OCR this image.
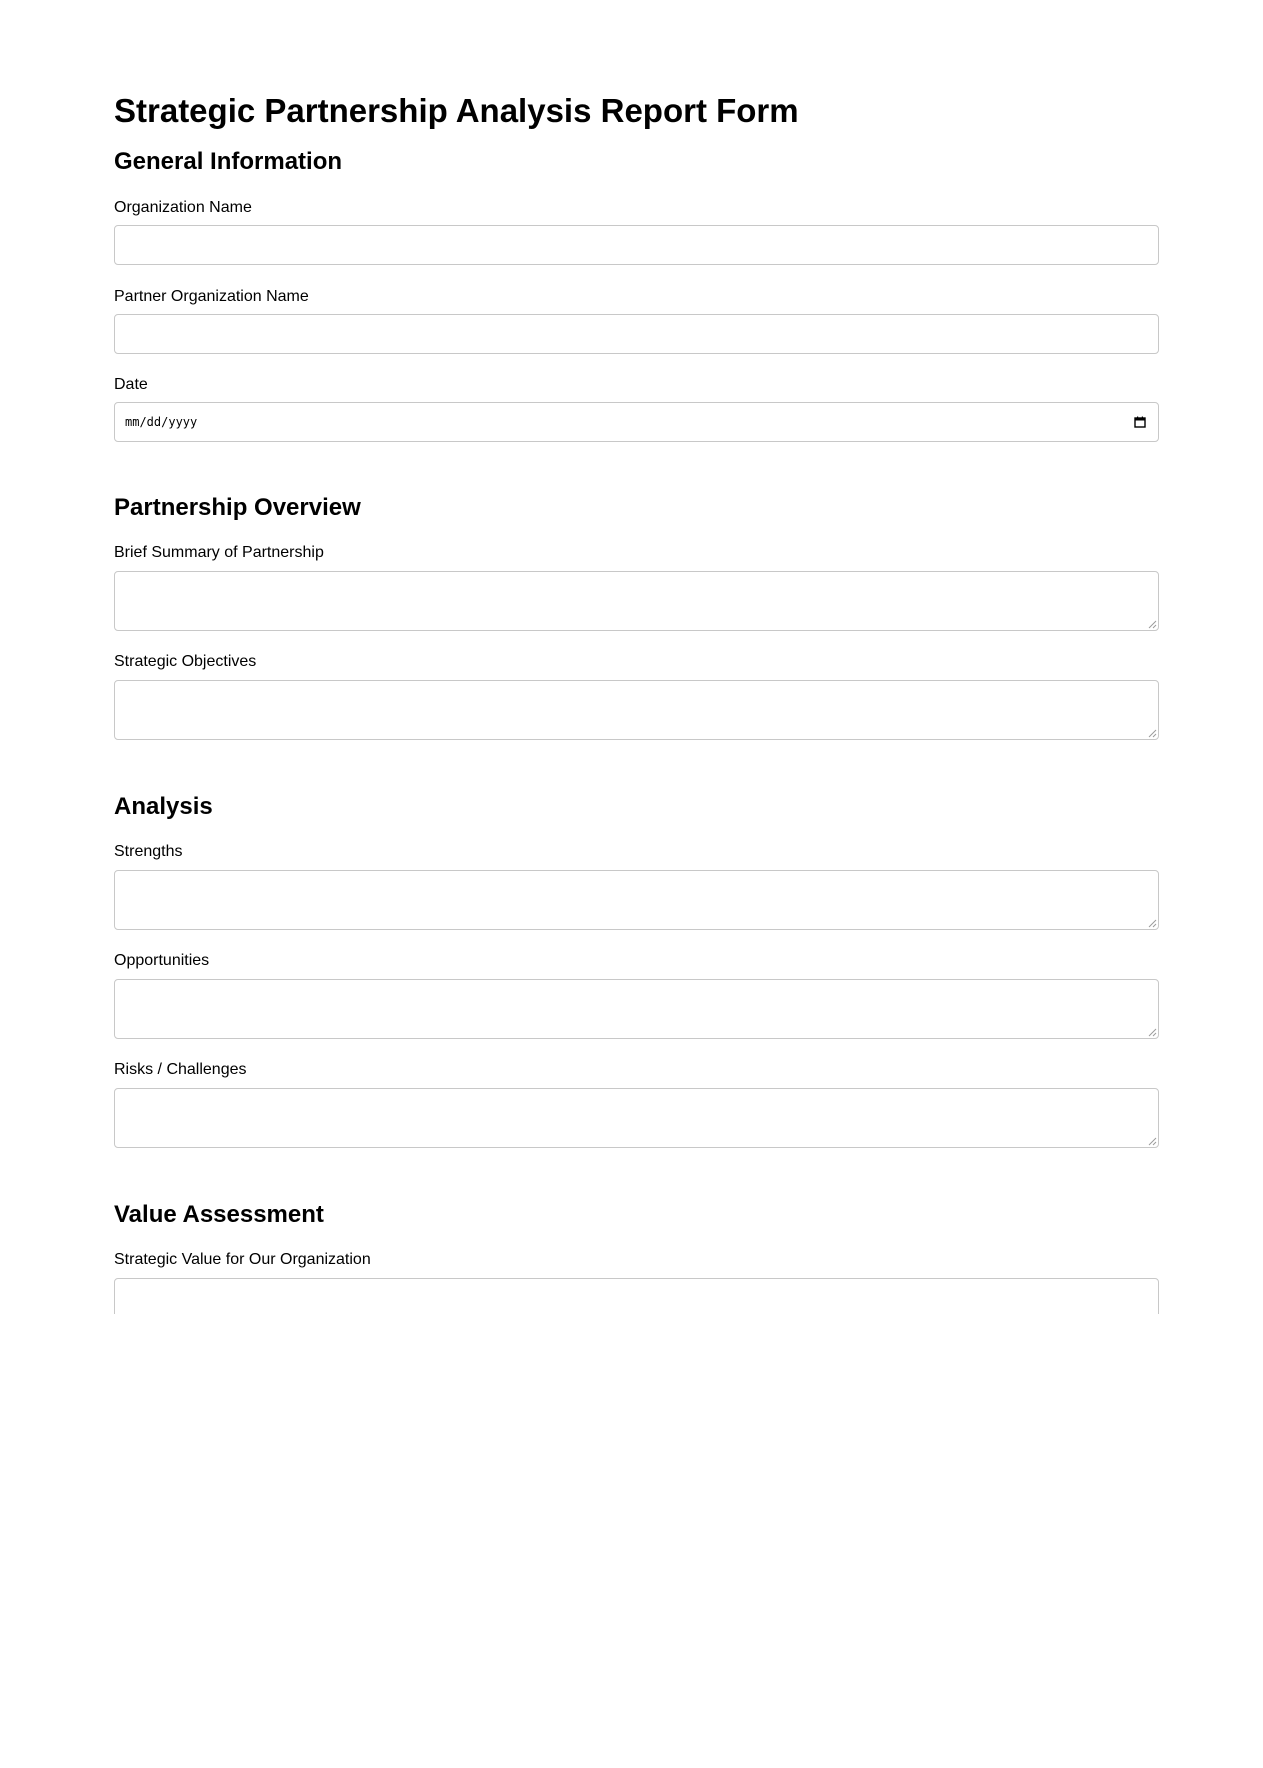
Strategic Partnership Analysis Report Form
General Information
Organization Name
Partner Organization Name
Date
mm/dd/yyyy
Partnership Overview
Brief Summary of Partnership
Strategic Objectives
Analysis
Strengths
Opportunities
Risks / Challenges
Value Assessment
Strategic Value for Our Organization
